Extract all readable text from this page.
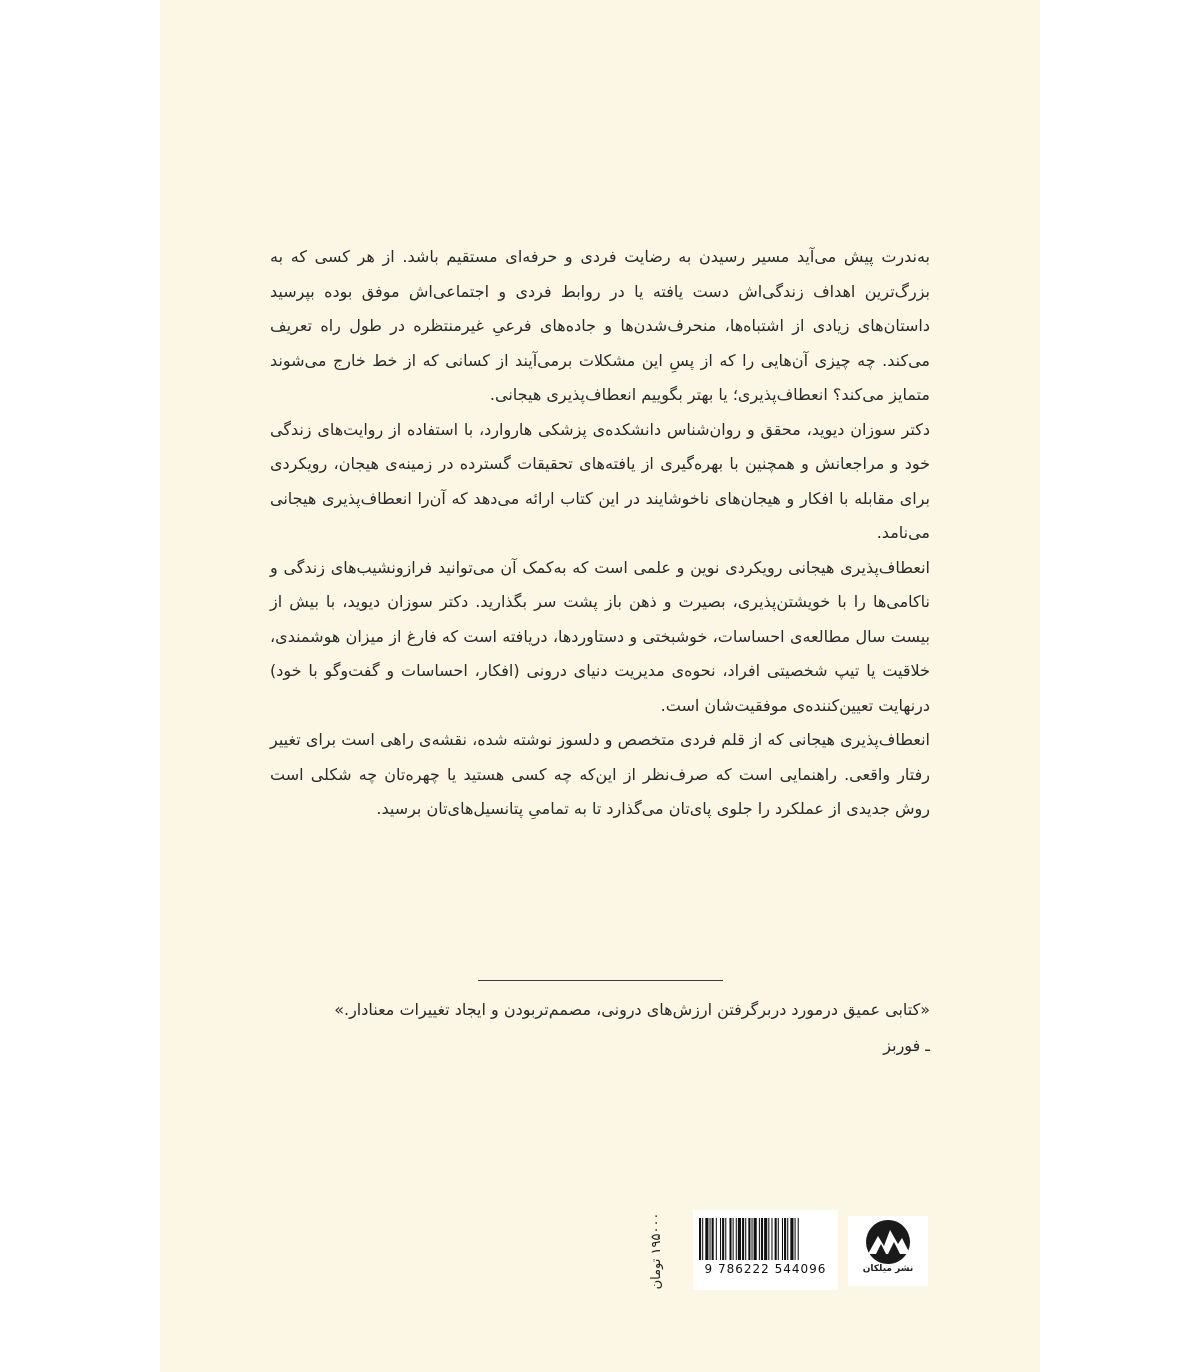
به‌ندرت پیش می‌آید مسیر رسیدن به رضایت فردی و حرفه‌ای مستقیم باشد. از هر کسی که به بزرگ‌ترین اهداف زندگی‌اش دست یافته یا در روابط فردی و اجتماعی‌اش موفق بوده بپرسید داستان‌های زیادی از اشتباه‌ها، منحرف‌شدن‌ها و جاده‌های فرعیِ غیرمنتظره در طول راه تعریف می‌کند. چه چیزی آن‌هایی را که از پسِ این مشکلات برمی‌آیند از کسانی که از خط خارج می‌شوند متمایز می‌کند؟ انعطاف‌پذیری؛ یا بهتر بگوییم انعطاف‌پذیری هیجانی.

دکتر سوزان دیوید، محقق و روان‌شناس دانشکده‌ی پزشکی هاروارد، با استفاده از روایت‌های زندگی خود و مراجعانش و همچنین با بهره‌گیری از یافته‌های تحقیقات گسترده در زمینه‌ی هیجان، رویکردی برای مقابله با افکار و هیجان‌های ناخوشایند در این کتاب ارائه می‌دهد که آن‌را انعطاف‌پذیری هیجانی می‌نامد.

انعطاف‌پذیری هیجانی رویکردی نوین و علمی است که به‌کمک آن می‌توانید فرازونشیب‌های زندگی و ناکامی‌ها را با خویشتن‌پذیری، بصیرت و ذهن باز پشت سر بگذارید. دکتر سوزان دیوید، با بیش از بیست سال مطالعه‌ی احساسات، خوشبختی و دستاوردها، دریافته است که فارغ از میزان هوشمندی، خلاقیت یا تیپ شخصیتی افراد، نحوه‌ی مدیریت دنیای درونی (افکار، احساسات و گفت‌وگو با خود) درنهایت تعیین‌کننده‌ی موفقیت‌شان است.

انعطاف‌پذیری هیجانی که از قلم فردی متخصص و دلسوز نوشته شده، نقشه‌ی راهی است برای تغییر رفتار واقعی. راهنمایی است که صرف‌نظر از این‌که چه کسی هستید یا چهره‌تان چه شکلی است روش جدیدی از عملکرد را جلوی پای‌تان می‌گذارد تا به تمامیِ پتانسیل‌های‌تان برسید.

«کتابی عمیق درمورد دربرگرفتن ارزش‌های درونی، مصمم‌تربودن و ایجاد تغییرات معنادار.»

ـ فوربز

نشر میلکان
9 786222 544096
۱۹۵۰۰۰ تومان
